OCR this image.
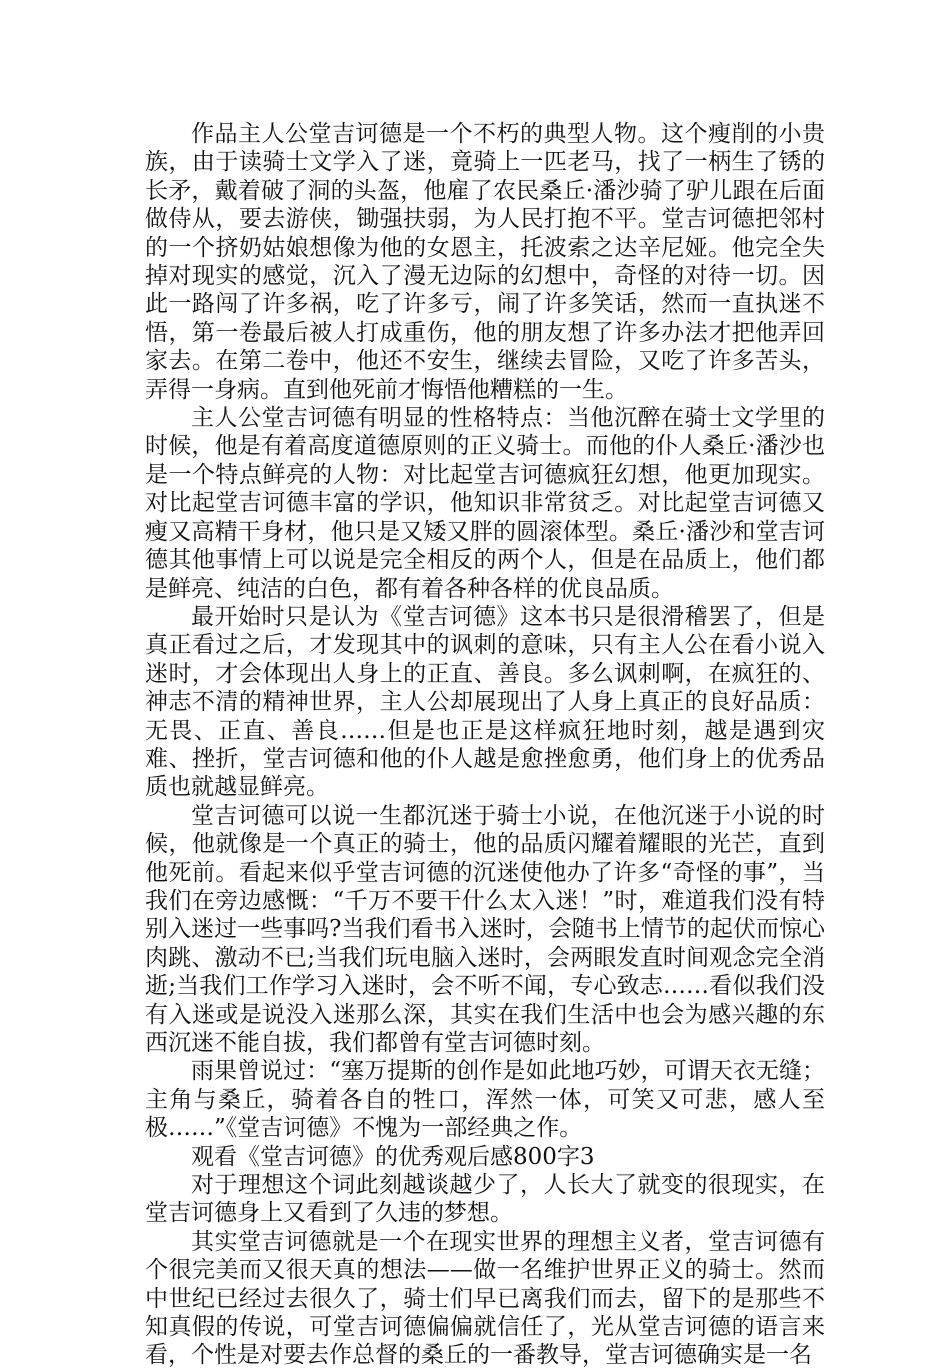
作品主人公堂吉诃德是一个不朽的典型人物。这个瘦削的小贵族，由于读骑士文学入了迷，竟骑上一匹老马，找了一柄生了锈的长矛，戴着破了洞的头盔，他雇了农民桑丘·潘沙骑了驴儿跟在后面做侍从，要去游侠，锄强扶弱，为人民打抱不平。堂吉诃德把邻村的一个挤奶姑娘想像为他的女恩主，托波索之达辛尼娅。他完全失掉对现实的感觉，沉入了漫无边际的幻想中，奇怪的对待一切。因此一路闯了许多祸，吃了许多亏，闹了许多笑话，然而一直执迷不悟，第一卷最后被人打成重伤，他的朋友想了许多办法才把他弄回家去。在第二卷中，他还不安生，继续去冒险，又吃了许多苦头，弄得一身病。直到他死前才悔悟他糟糕的一生。

主人公堂吉诃德有明显的性格特点：当他沉醉在骑士文学里的时候，他是有着高度道德原则的正义骑士。而他的仆人桑丘·潘沙也是一个特点鲜亮的人物：对比起堂吉诃德疯狂幻想，他更加现实。对比起堂吉诃德丰富的学识，他知识非常贫乏。对比起堂吉诃德又瘦又高精干身材，他只是又矮又胖的圆滚体型。桑丘·潘沙和堂吉诃德其他事情上可以说是完全相反的两个人，但是在品质上，他们都是鲜亮、纯洁的白色，都有着各种各样的优良品质。

最开始时只是认为《堂吉诃德》这本书只是很滑稽罢了，但是真正看过之后，才发现其中的讽刺的意味，只有主人公在看小说入迷时，才会体现出人身上的正直、善良。多么讽刺啊，在疯狂的、神志不清的精神世界，主人公却展现出了人身上真正的良好品质：无畏、正直、善良……但是也正是这样疯狂地时刻，越是遇到灾难、挫折，堂吉诃德和他的仆人越是愈挫愈勇，他们身上的优秀品质也就越显鲜亮。

堂吉诃德可以说一生都沉迷于骑士小说，在他沉迷于小说的时候，他就像是一个真正的骑士，他的品质闪耀着耀眼的光芒，直到他死前。看起来似乎堂吉诃德的沉迷使他办了许多“奇怪的事”，当我们在旁边感慨：“千万不要干什么太入迷！”时，难道我们没有特别入迷过一些事吗?当我们看书入迷时，会随书上情节的起伏而惊心肉跳、激动不已;当我们玩电脑入迷时，会两眼发直时间观念完全消逝;当我们工作学习入迷时，会不听不闻，专心致志……看似我们没有入迷或是说没入迷那么深，其实在我们生活中也会为感兴趣的东西沉迷不能自拔，我们都曾有堂吉诃德时刻。

雨果曾说过：“塞万提斯的创作是如此地巧妙，可谓天衣无缝；主角与桑丘，骑着各自的牲口，浑然一体，可笑又可悲，感人至极……”《堂吉诃德》不愧为一部经典之作。

观看《堂吉诃德》的优秀观后感800字3

对于理想这个词此刻越谈越少了，人长大了就变的很现实，在堂吉诃德身上又看到了久违的梦想。

其实堂吉诃德就是一个在现实世界的理想主义者，堂吉诃德有个很完美而又很天真的想法——做一名维护世界正义的骑士。然而中世纪已经过去很久了，骑士们早已离我们而去，留下的是那些不知真假的传说，可堂吉诃德偏偏就信任了，光从堂吉诃德的语言来看，个性是对要去作总督的桑丘的一番教导，堂吉诃德确实是一名
